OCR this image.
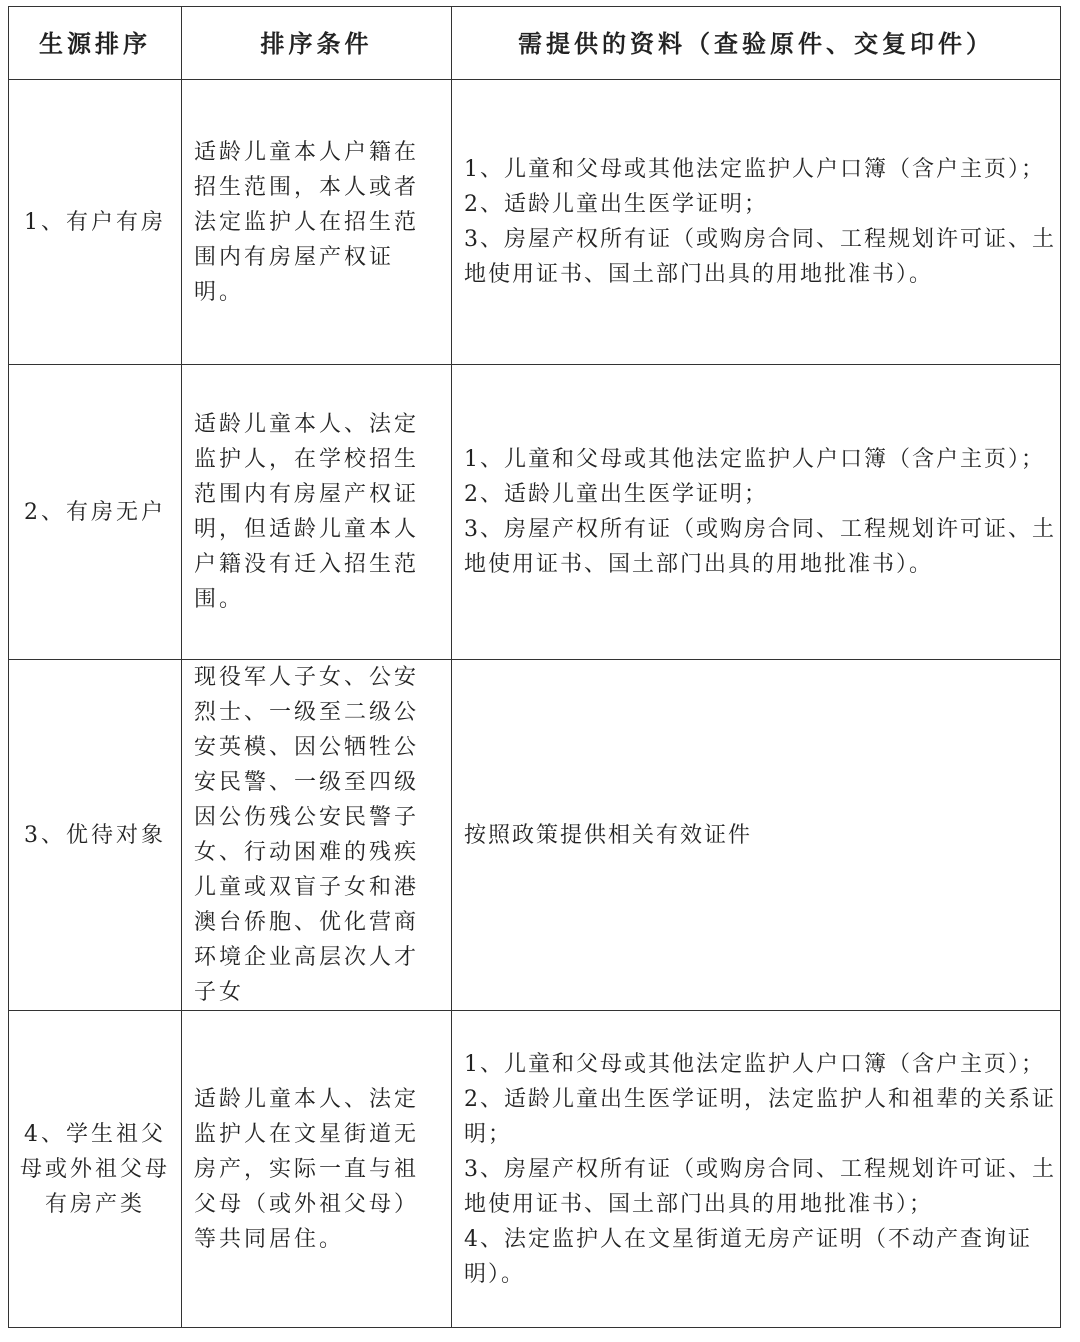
生源排序	排序条件	需提供的资料（查验原件、交复印件）
1、有户有房	适龄儿童本人户籍在招生范围，本人或者法定监护人在招生范围内有房屋产权证明。	1、儿童和父母或其他法定监护人户口簿（含户主页）；
2、适龄儿童出生医学证明；
3、房屋产权所有证（或购房合同、工程规划许可证、土地使用证书、国土部门出具的用地批准书）。

2、有房无户	适龄儿童本人、法定监护人，在学校招生范围内有房屋产权证明，但适龄儿童本人户籍没有迁入招生范围。	1、儿童和父母或其他法定监护人户口簿（含户主页）；
2、适龄儿童出生医学证明；
3、房屋产权所有证（或购房合同、工程规划许可证、土地使用证书、国土部门出具的用地批准书）。

3、优待对象	现役军人子女、公安烈士、一级至二级公安英模、因公牺牲公安民警、一级至四级因公伤残公安民警子女、行动困难的残疾儿童或双盲子女和港澳台侨胞、优化营商环境企业高层次人才子女	按照政策提供相关有效证件

4、学生祖父母或外祖父母有房产类	适龄儿童本人、法定监护人在文星街道无房产，实际一直与祖父母（或外祖父母）等共同居住。	1、儿童和父母或其他法定监护人户口簿（含户主页）；
2、适龄儿童出生医学证明，法定监护人和祖辈的关系证明；
3、房屋产权所有证（或购房合同、工程规划许可证、土地使用证书、国土部门出具的用地批准书）；
4、法定监护人在文星街道无房产证明（不动产查询证明）。
